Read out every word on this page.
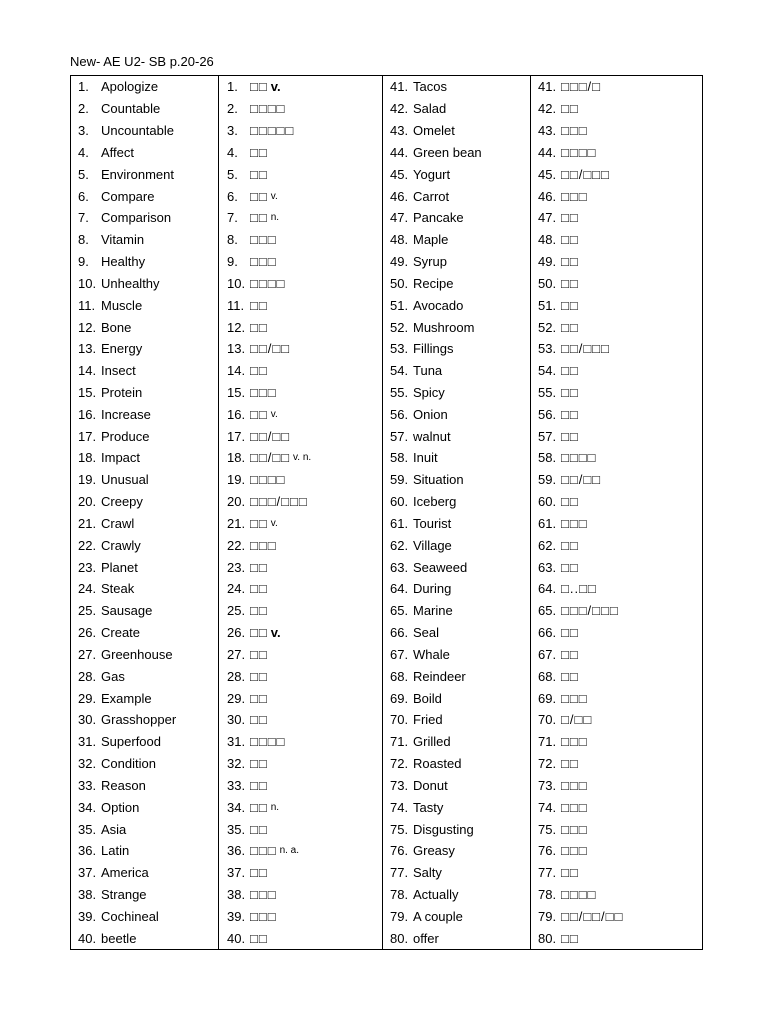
New- AE U2- SB p.20-26
1. Apologize
2. Countable
3. Uncountable
4. Affect
5. Environment
6. Compare
7. Comparison
8. Vitamin
9. Healthy
10. Unhealthy
11. Muscle
12. Bone
13. Energy
14. Insect
15. Protein
16. Increase
17. Produce
18. Impact
19. Unusual
20. Creepy
21. Crawl
22. Crawly
23. Planet
24. Steak
25. Sausage
26. Create
27. Greenhouse
28. Gas
29. Example
30. Grasshopper
31. Superfood
32. Condition
33. Reason
34. Option
35. Asia
36. Latin
37. America
38. Strange
39. Cochineal
40. beetle
1. □□ v.
2. □□□□
3. □□□□□
4. □□
5. □□
6. □□ v.
7. □□ n.
8. □□□
9. □□□
10. □□□□
11. □□
12. □□
13. □□/□□
14. □□
15. □□□
16. □□ v.
17. □□/□□
18. □□/□□ v. n.
19. □□□□
20. □□□/□□□
21. □□ v.
22. □□□
23. □□
24. □□
25. □□
26. □□ v.
27. □□
28. □□
29. □□
30. □□
31. □□□□
32. □□
33. □□
34. □□ n.
35. □□
36. □□□ n. a.
37. □□
38. □□□
39. □□□
40. □□
41. Tacos
42. Salad
43. Omelet
44. Green bean
45. Yogurt
46. Carrot
47. Pancake
48. Maple
49. Syrup
50. Recipe
51. Avocado
52. Mushroom
53. Fillings
54. Tuna
55. Spicy
56. Onion
57. walnut
58. Inuit
59. Situation
60. Iceberg
61. Tourist
62. Village
63. Seaweed
64. During
65. Marine
66. Seal
67. Whale
68. Reindeer
69. Boild
70. Fried
71. Grilled
72. Roasted
73. Donut
74. Tasty
75. Disgusting
76. Greasy
77. Salty
78. Actually
79. A couple
80. offer
41. □□□/□
42. □□
43. □□□
44. □□□□
45. □□/□□□
46. □□□
47. □□
48. □□
49. □□
50. □□
51. □□
52. □□
53. □□/□□□
54. □□
55. □□
56. □□
57. □□
58. □□□□
59. □□/□□
60. □□
61. □□□
62. □□
63. □□
64. □..□□
65. □□□/□□□
66. □□
67. □□
68. □□
69. □□□
70. □/□□
71. □□□
72. □□
73. □□□
74. □□□
75. □□□
76. □□□
77. □□
78. □□□□
79. □□/□□/□□
80. □□
